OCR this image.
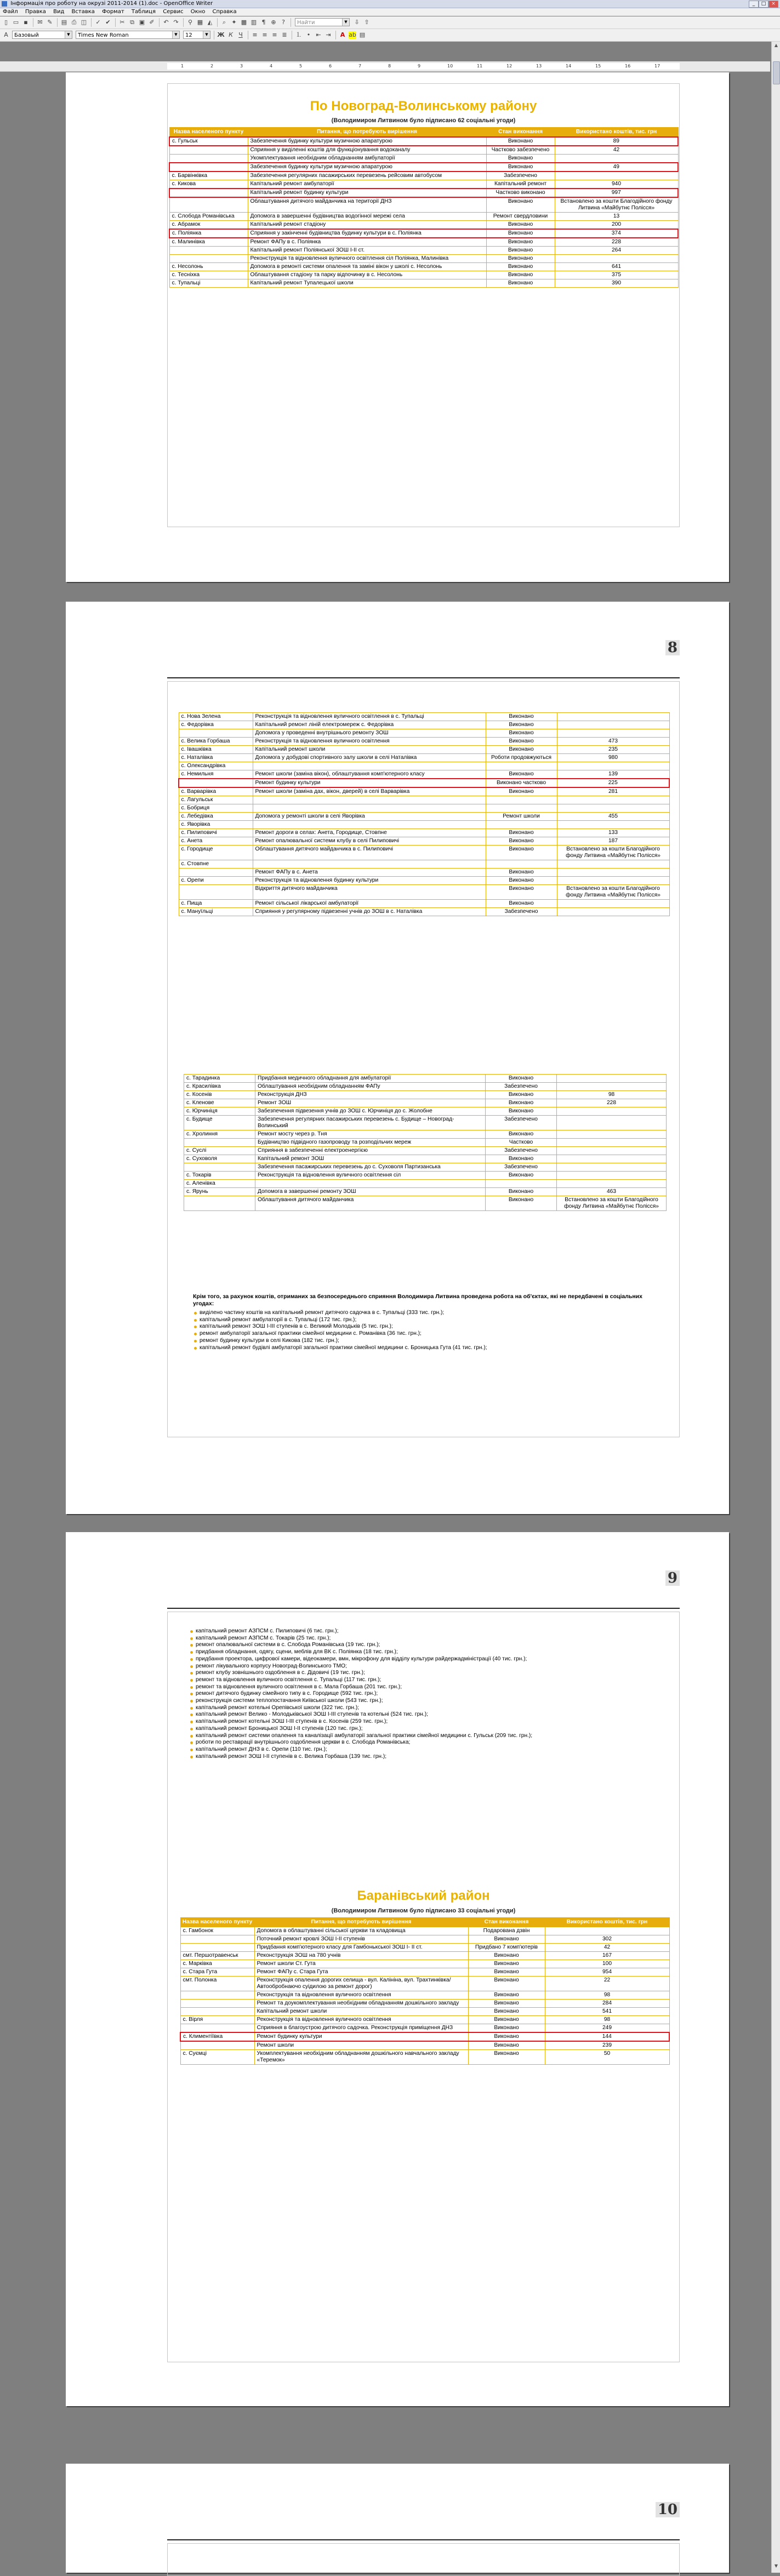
Інформація про роботу на окрузі 2011-2014 (1).doc - OpenOffice Writer	_	□	×
Файл Правка Вид Вставка Формат Таблиця Сервис Окно Справка
▯ ▭ ▪ ✉ ✎ ▤ ⎙ ◫ ✓ ✔ ✂ ⧉ ▣ ✐ ↶ ↷ ⚲ ▦ ◭	⌕ ✦ ▩ ▥ ¶ ⊕ ?	Найти	▼	⇩ ⇧
A	Базовый	▼	Times New Roman	▼	12	▼	Ж К Ч ≡ ≡ ≡ ≣ ⒈ • ⇤ ⇥ A ab ▤
1	2	3	4	5	6	7	8	9	10	11	12	13	14	15	16	17
▲
▼
По Новоград-Волинському району
(Володимиром Литвином було підписано 62 соціальні угоди)
Назва населеного пункту	Питання, що потребують вирішення	Стан виконання	Використано коштів, тис. грн
с. Гульськ	Забезпечення будинку культури музичною апаратурою	Виконано	89
	Сприяння у виділенні коштів для функціонування водоканалу	Частково забезпечено	42
	Укомплектування необхідним обладнанням амбулаторії	Виконано	
	Забезпечення будинку культури музичною апаратурою	Виконано	49
с. Барвінківка	Забезпечення регулярних пасажирських перевезень рейсовим автобусом	Забезпечено	
с. Кикова	Капітальний ремонт амбулаторії	Капітальний ремонт	940
	Капітальний ремонт будинку культури	Частково виконано	997
	Облаштування дитячого майданчика на території ДНЗ	Виконано	Встановлено за кошти Благодійного фонду Литвина «Майбутнє Полісся»
с. Слобода Романівська	Допомога в завершенні будівництва водогінної мережі села	Ремонт свердловини	13
с. Абрамок	Капітальний ремонт стадіону	Виконано	200
с. Поліянка	Сприяння у закінченні будівництва будинку культури в с. Поліянка	Виконано	374
с. Малинівка	Ремонт ФАПу в с. Поліянка	Виконано	228
	Капітальний ремонт Поліянської ЗОШ І-ІІ ст.	Виконано	264
	Реконструкція та відновлення вуличного освітлення сіл Поліянка, Малинівка	Виконано	
с. Несолонь	Допомога в ремонті системи опалення та заміні вікон у школі с. Несолонь	Виконано	641
с. Тесніхка	Облаштування стадіону та парку відпочинку в с. Несолонь	Виконано	375
с. Тупальці	Капітальний ремонт Тупалецької школи	Виконано	390
8
с. Нова Зелена	Реконструкція та відновлення вуличного освітлення в с. Тупальці	Виконано	
с. Федорівка	Капітальний ремонт ліній електромереж с. Федорівка	Виконано	
	Допомога у проведенні внутрішнього ремонту ЗОШ	Виконано	
с. Велика Горбаша	Реконструкція та відновлення вуличного освітлення	Виконано	473
с. Івашківка	Капітальний ремонт школи	Виконано	235
с. Наталівка	Допомога у добудові спортивного залу школи в селі Наталівка	Роботи продовжуються	980
с. Олександрівка			
с. Немильня	Ремонт школи (заміна вікон), облаштування комп'ютерного класу	Виконано	139
	Ремонт будинку культури	Виконано частково	225
с. Варварівка	Ремонт школи (заміна дах, вікон, дверей) в селі Варварівка	Виконано	281
с. Лагульськ			
с. Бобриця			
с. Лебедівка	Допомога у ремонті школи в селі Яворівка	Ремонт школи	455
с. Яворівка			
с. Пилиповичі	Ремонт дороги в селах: Анета, Городище, Стовпне	Виконано	133
с. Анета	Ремонт опалювальної системи клубу в селі Пилиповичі	Виконано	187
с. Городище	Облаштування дитячого майданчика в с. Пилиповичі	Виконано	Встановлено за кошти Благодійного фонду Литвина «Майбутнє Полісся»
с. Стовпне			
	Ремонт ФАПу в с. Анета	Виконано	
с. Орепи	Реконструкція та відновлення будинку культури	Виконано	
	Відкриття дитячого майданчика	Виконано	Встановлено за кошти Благодійного фонду Литвина «Майбутнє Полісся»
с. Пища	Ремонт сільської лікарської амбулаторії	Виконано	
с. Мануїльці	Сприяння у регулярному підвезенні учнів до ЗОШ в с. Наталівка	Забезпечено	
с. Тарадинка	Придбання медичного обладнання для амбулаторії	Виконано	
с. Красилівка	Облаштування необхідним обладнанням ФАПу	Забезпечено	
с. Косенів	Реконструкція ДНЗ	Виконано	98
с. Кленове	Ремонт ЗОШ	Виконано	228
с. Юрчиніця	Забезпечення підвезення учнів до ЗОШ с. Юрчиніця до с. Жолобне	Виконано	
с. Будище	Забезпечення регулярних пасажирських перевезень с. Будище – Новоград-Волинський	Забезпечено	
с. Хролиння	Ремонт мосту через р. Тня	Виконано	
	Будівництво підвідного газопроводу та розподільчих мереж	Частково	
с. Суслі	Сприяння в забезпеченні електроенергією	Забезпечено	
с. Суховоля	Капітальний ремонт ЗОШ	Виконано	
	Забезпечення пасажирських перевезень до с. Суховоля Партизанська	Забезпечено	
с. Токарів	Реконструкція та відновлення вуличного освітлення сіл	Виконано	
с. Аленівка			
с. Ярунь	Допомога в завершенні ремонту ЗОШ	Виконано	463
	Облаштування дитячого майданчика	Виконано	Встановлено за кошти Благодійного фонду Литвина «Майбутнє Полісся»
Крім того, за рахунок коштів, отриманих за безпосереднього сприяння Володимира Литвина проведена робота на об'єктах, які не передбачені в соціальних угодах:
виділено частину коштів на капітальний ремонт дитячого садочка в с. Тупальці (333 тис. грн.);
капітальний ремонт амбулаторії в с. Тупальці (172 тис. грн.);
капітальний ремонт ЗОШ І-ІІІ ступенів в с. Великий Молодьків (5 тис. грн.);
ремонт амбулаторії загальної практики сімейної медицини с. Романівка (36 тис. грн.);
ремонт будинку культури в селі Кикова (182 тис. грн.);
капітальний ремонт будівлі амбулаторії загальної практики сімейної медицини с. Броницька Гута (41 тис. грн.);
9
капітальний ремонт АЗПСМ с. Пилиповичі (6 тис. грн.);
капітальний ремонт АЗПСМ с. Токарів (25 тис. грн.);
ремонт опалювальної системи в с. Слобода Романівська (19 тис. грн.);
придбання обладнання, одягу, сцени, меблів для ВК с. Поліянка (18 тис. грн.);
придбання проектора, цифрової камери, відеокамери, вмн, мікрофону для відділу культури райдержадміністрації (40 тис. грн.);
ремонт лікувального корпусу Новоград-Волинського ТМО;
ремонт клубу зовнішнього оздоблення в с. Дідовичі (19 тис. грн.);
ремонт та відновлення вуличного освітлення с. Тупальці (117 тис. грн.);
ремонт та відновлення вуличного освітлення в с. Мала Горбаша (201 тис. грн.);
ремонт дитячого будинку сімейного типу в с. Городище (592 тис. грн.);
реконструкція системи теплопостачання Київської школи (543 тис. грн.);
капітальний ремонт котельні Орепівської школи (322 тис. грн.);
капітальний ремонт Велико - Молодьківської ЗОШ І-ІІІ ступенів та котельні (524 тис. грн.);
капітальний ремонт котельні ЗОШ І-ІІІ ступенів в с. Косенів (259 тис. грн.);
капітальний ремонт Броницької ЗОШ І-ІІ ступенів (120 тис. грн.);
капітальний ремонт системи опалення та каналізації амбулаторії загальної практики сімейної медицини с. Гульськ (209 тис. грн.);
роботи по реставрації внутрішнього оздоблення церкви в с. Слобода Романівська;
капітальний ремонт ДНЗ в с. Орепи (110 тис. грн.);
капітальний ремонт ЗОШ І-ІІ ступенів в с. Велика Горбаша (139 тис. грн.);
Баранівський район
(Володимиром Литвином було підписано 33 соціальні угоди)
Назва населеного пункту	Питання, що потребують вирішення	Стан виконання	Використано коштів, тис. грн
с. Гамбонок	Допомога в облаштуванні сільської церкви та кладовища	Подарована дзвін	
	Поточний ремонт кровлі ЗОШ І-ІІ ступенів	Виконано	302
	Придбання комп'ютерного класу для Гамбонькської ЗОШ І- ІІ ст.	Придбано 7 комп'ютерів	42
смт. Першотравенськ	Реконструкція ЗОШ на 780 учнів	Виконано	167
с. Марківка	Ремонт школи Ст. Гута	Виконано	100
с. Стара Гута	Ремонт ФАПу с. Стара Гута	Виконано	954
смт. Полонка	Реконструкція опалення дорогих селища - вул. Калініна, вул. Трахтинківка/Автообробнаючо суідилою за ремонт дорог)	Виконано	22
	Реконструкція та відновлення вуличного освітлення	Виконано	98
	Ремонт та доукомплектування необхідним обладнанням дошкільного закладу	Виконано	284
	Капітальний ремонт школи	Виконано	541
с. Вірля	Реконструкція та відновлення вуличного освітлення	Виконано	98
	Сприяння в благоустрою дитячого садочка. Реконструкція приміщення ДНЗ	Виконано	249
с. Климентіївка	Ремонт будинку культури	Виконано	144
	Ремонт школи	Виконано	239
с. Суємці	Укомплектування необхідним обладнанням дошкільного навчального закладу «Теремок»	Виконано	50
10
